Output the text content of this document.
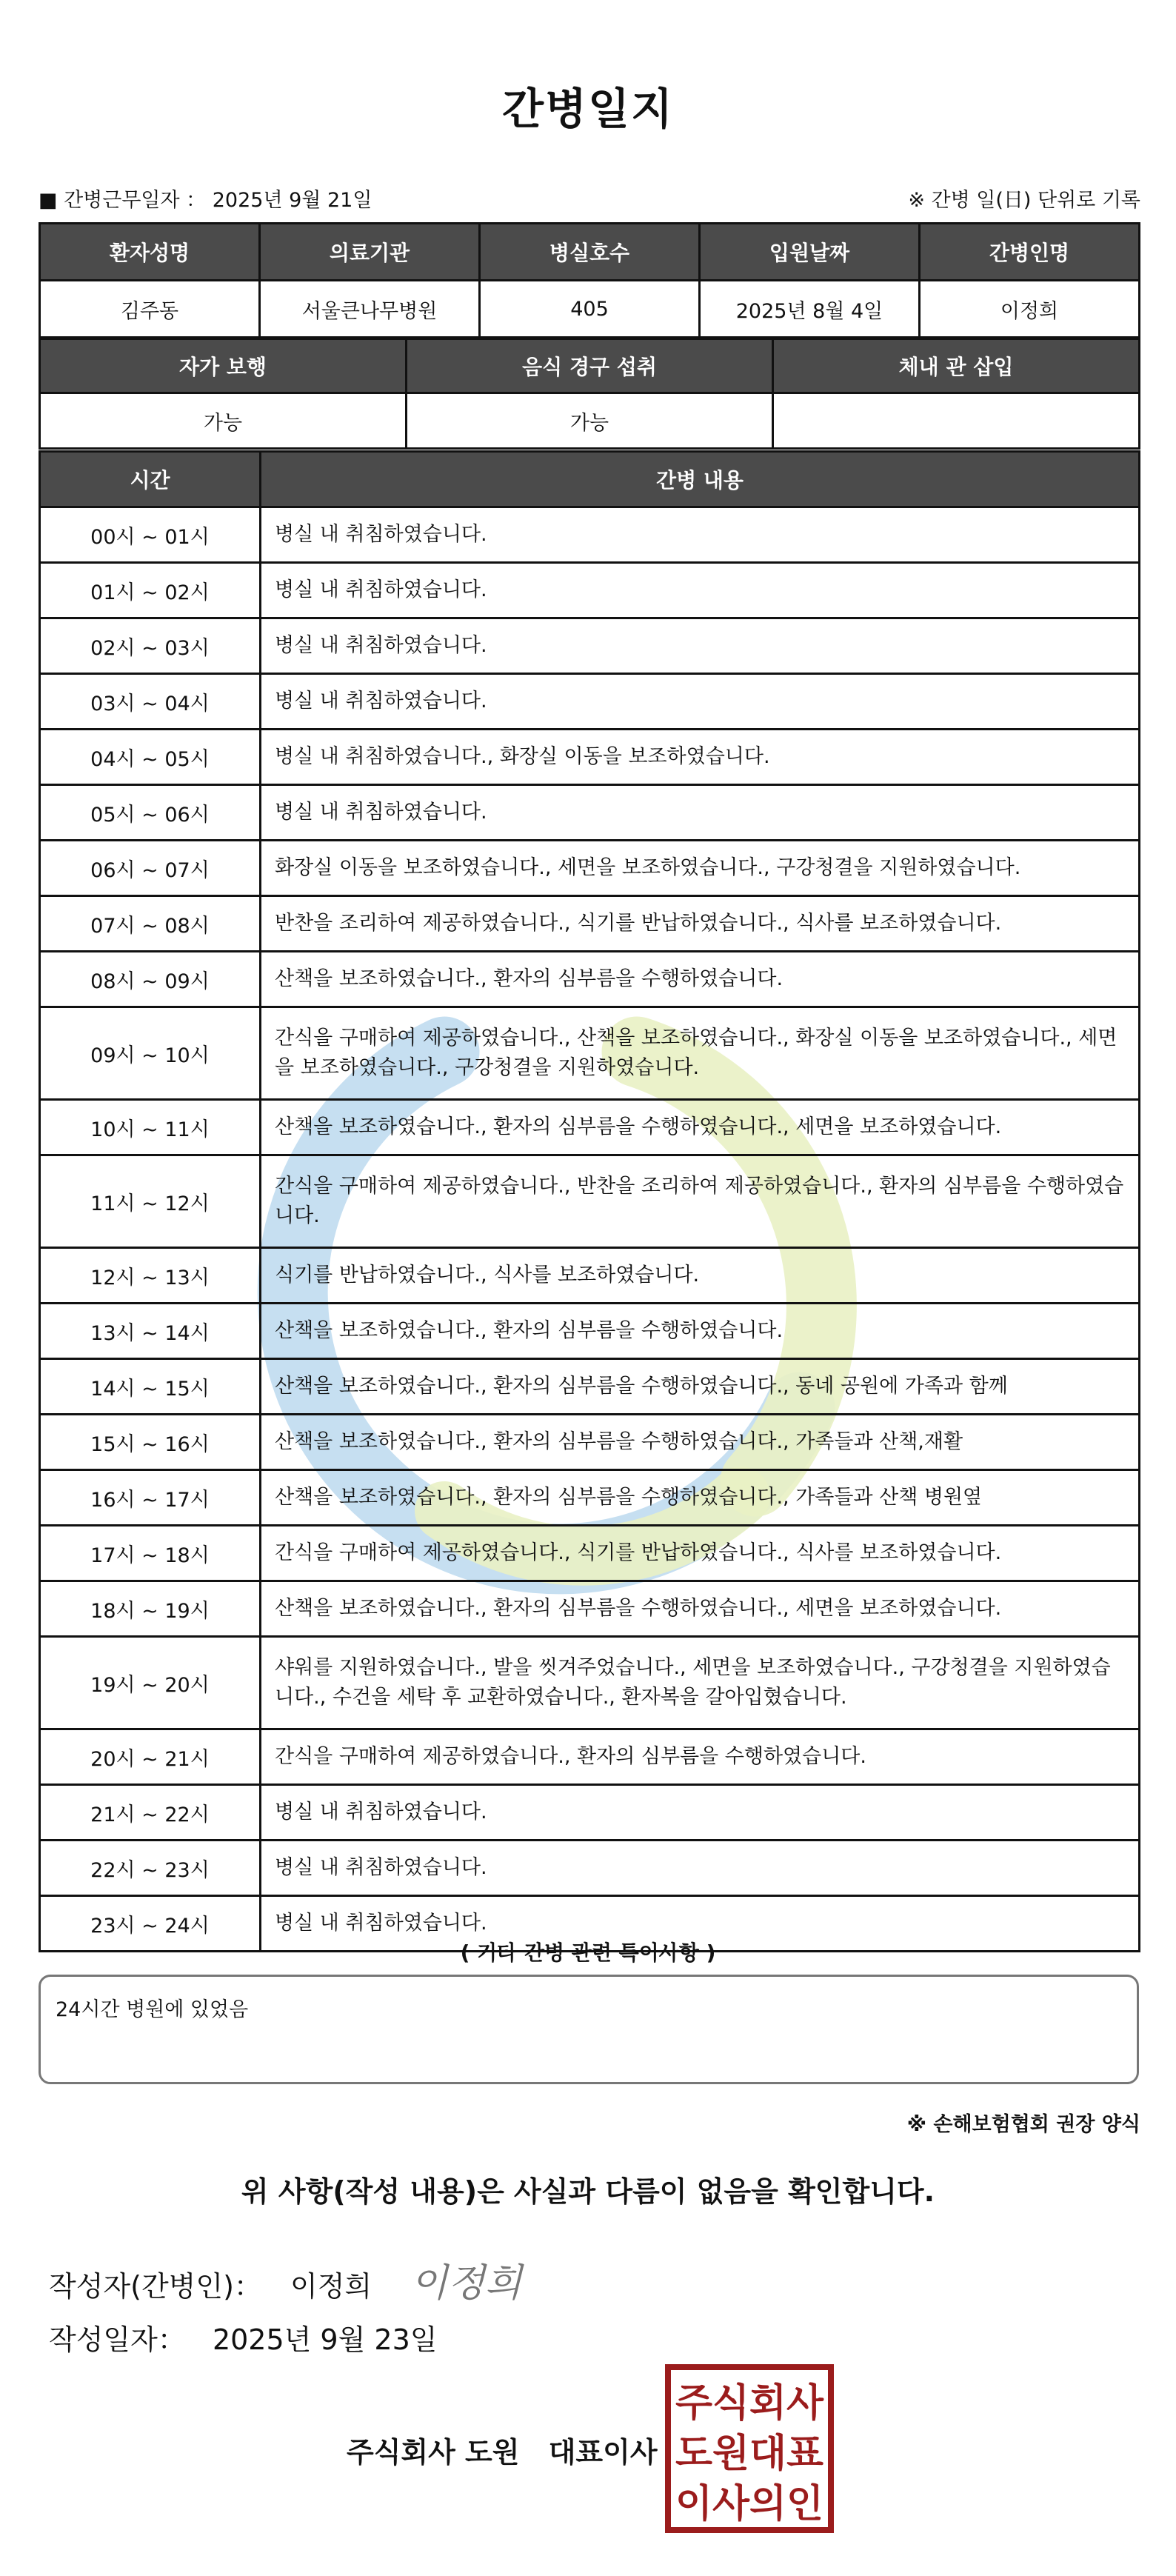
간병일지
■ 간병근무일자 ： 2025년 9월 21일	※ 간병 일(日) 단위로 기록
환자성명	의료기관	병실호수	입원날짜	간병인명
김주동	서울큰나무병원	405	2025년 8월 4일	이정희
자가 보행	음식 경구 섭취	체내 관 삽입
가능	가능	
시간	간병 내용
00시 ~ 01시	병실 내 취침하였습니다.
01시 ~ 02시	병실 내 취침하였습니다.
02시 ~ 03시	병실 내 취침하였습니다.
03시 ~ 04시	병실 내 취침하였습니다.
04시 ~ 05시	병실 내 취침하였습니다., 화장실 이동을 보조하였습니다.
05시 ~ 06시	병실 내 취침하였습니다.
06시 ~ 07시	화장실 이동을 보조하였습니다., 세면을 보조하였습니다., 구강청결을 지원하였습니다.
07시 ~ 08시	반찬을 조리하여 제공하였습니다., 식기를 반납하였습니다., 식사를 보조하였습니다.
08시 ~ 09시	산책을 보조하였습니다., 환자의 심부름을 수행하였습니다.
09시 ~ 10시	간식을 구매하여 제공하였습니다., 산책을 보조하였습니다., 화장실 이동을 보조하였습니다., 세면을 보조하였습니다., 구강청결을 지원하였습니다.
10시 ~ 11시	산책을 보조하였습니다., 환자의 심부름을 수행하였습니다., 세면을 보조하였습니다.
11시 ~ 12시	간식을 구매하여 제공하였습니다., 반찬을 조리하여 제공하였습니다., 환자의 심부름을 수행하였습니다.
12시 ~ 13시	식기를 반납하였습니다., 식사를 보조하였습니다.
13시 ~ 14시	산책을 보조하였습니다., 환자의 심부름을 수행하였습니다.
14시 ~ 15시	산책을 보조하였습니다., 환자의 심부름을 수행하였습니다., 동네 공원에 가족과 함께
15시 ~ 16시	산책을 보조하였습니다., 환자의 심부름을 수행하였습니다., 가족들과 산책,재활
16시 ~ 17시	산책을 보조하였습니다., 환자의 심부름을 수행하였습니다., 가족들과 산책 병원옆
17시 ~ 18시	간식을 구매하여 제공하였습니다., 식기를 반납하였습니다., 식사를 보조하였습니다.
18시 ~ 19시	산책을 보조하였습니다., 환자의 심부름을 수행하였습니다., 세면을 보조하였습니다.
19시 ~ 20시	샤워를 지원하였습니다., 발을 씻겨주었습니다., 세면을 보조하였습니다., 구강청결을 지원하였습니다., 수건을 세탁 후 교환하였습니다., 환자복을 갈아입혔습니다.
20시 ~ 21시	간식을 구매하여 제공하였습니다., 환자의 심부름을 수행하였습니다.
21시 ~ 22시	병실 내 취침하였습니다.
22시 ~ 23시	병실 내 취침하였습니다.
23시 ~ 24시	병실 내 취침하였습니다.
( 기타 간병 관련 특이사항 )
24시간 병원에 있었음
※ 손해보험협회 권장 양식
위 사항(작성 내용)은 사실과 다름이 없음을 확인합니다.
작성자(간병인)： 이정희 이정희
작성일자： 2025년 9월 23일
주식회사 도원 대표이사
주식회사
도원대표
이사의인
